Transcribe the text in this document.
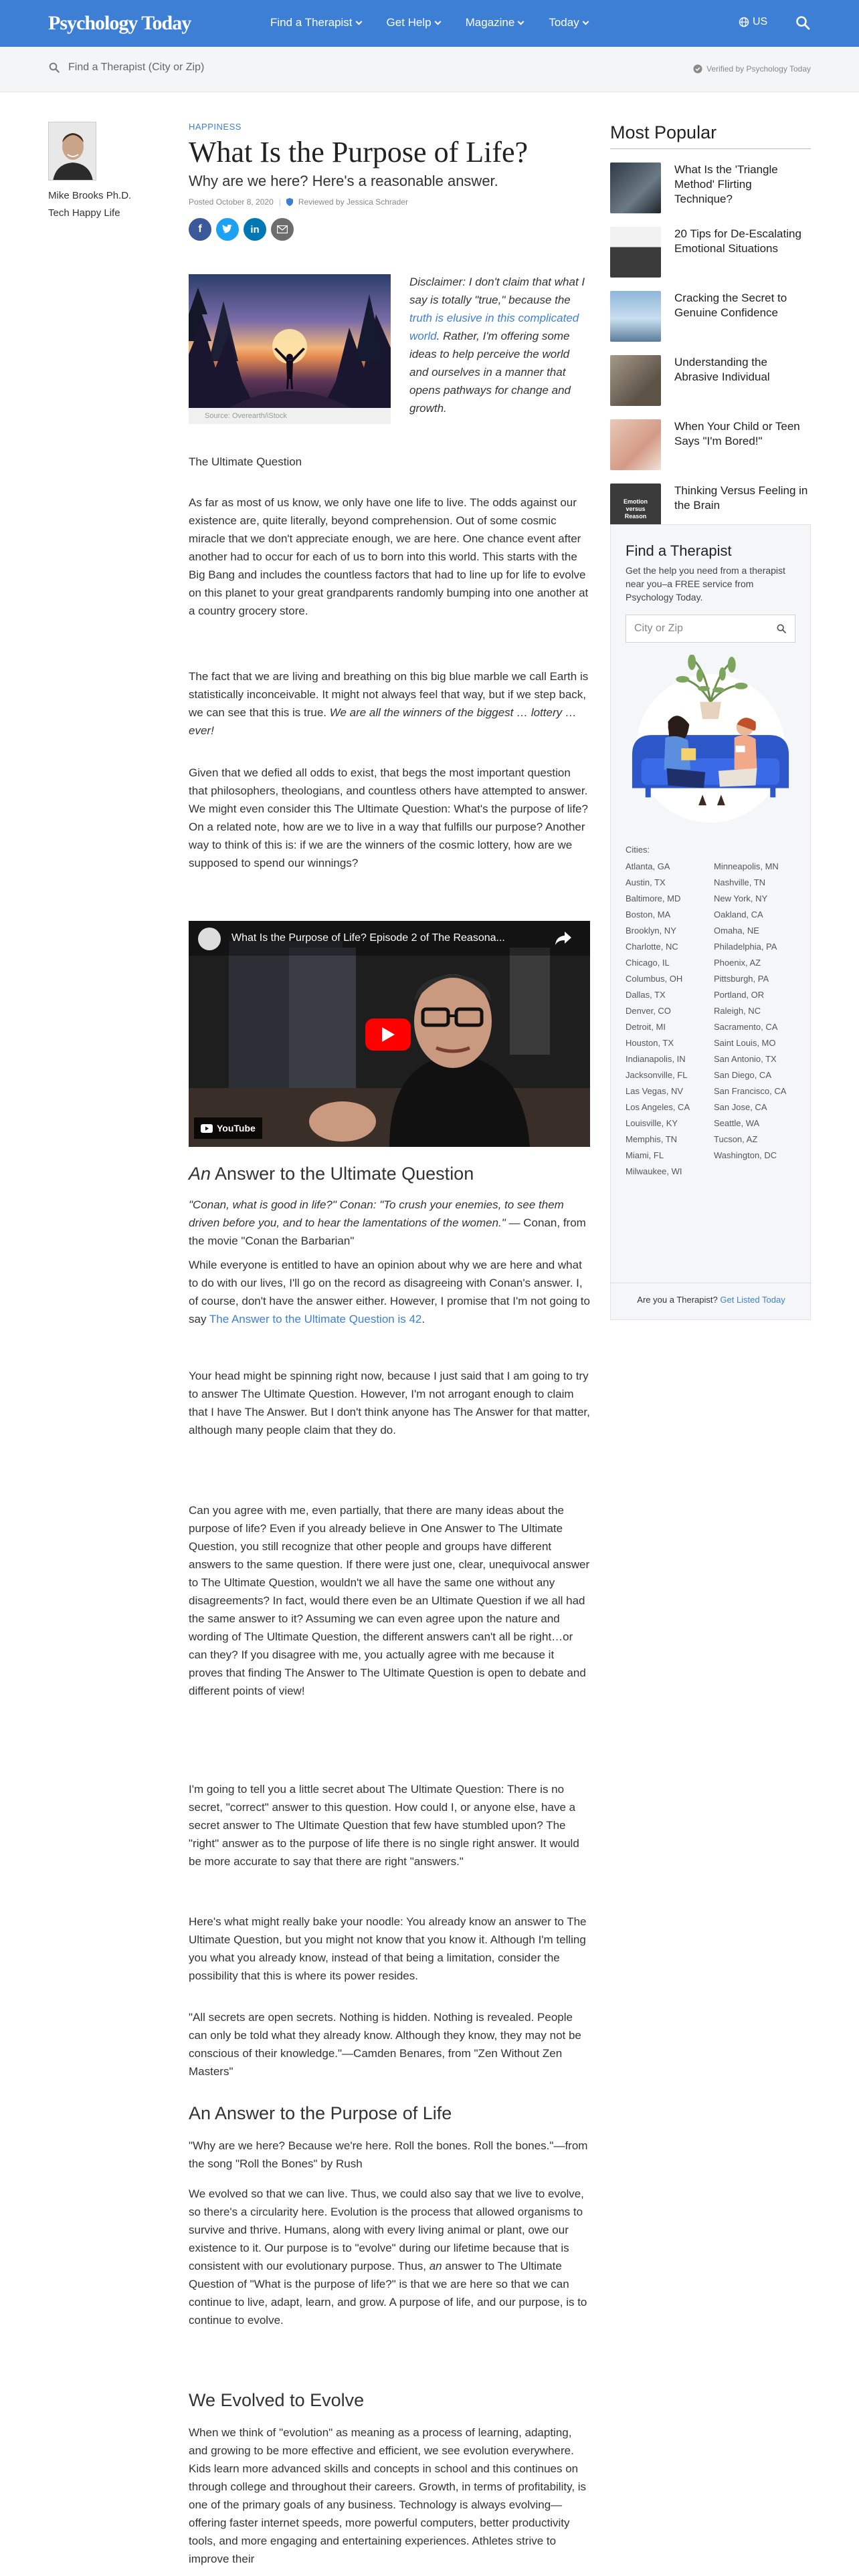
Psychology Today	Find a Therapist	Get Help	Magazine	Today	US
Find a Therapist (City or Zip)	Verified by Psychology Today
Mike Brooks Ph.D.
Tech Happy Life
HAPPINESS
What Is the Purpose of Life?
Why are we here? Here's a reasonable answer.
Posted October 8, 2020 | Reviewed by Jessica Schrader
f	in
Source: Overearth/iStock
Disclaimer: I don't claim that what I say is totally "true," because the truth is elusive in this complicated world. Rather, I'm offering some ideas to help perceive the world and ourselves in a manner that opens pathways for change and growth.
The Ultimate Question

As far as most of us know, we only have one life to live. The odds against our existence are, quite literally, beyond comprehension. Out of some cosmic miracle that we don't appreciate enough, we are here. One chance event after another had to occur for each of us to born into this world. This starts with the Big Bang and includes the countless factors that had to line up for life to evolve on this planet to your great grandparents randomly bumping into one another at a country grocery store.

The fact that we are living and breathing on this big blue marble we call Earth is statistically inconceivable. It might not always feel that way, but if we step back, we can see that this is true. We are all the winners of the biggest … lottery … ever!

Given that we defied all odds to exist, that begs the most important question that philosophers, theologians, and countless others have attempted to answer. We might even consider this The Ultimate Question: What's the purpose of life? On a related note, how are we to live in a way that fulfills our purpose? Another way to think of this is: if we are the winners of the cosmic lottery, how are we supposed to spend our winnings?

What Is the Purpose of Life? Episode 2 of The Reasona...
YouTube
An Answer to the Ultimate Question

"Conan, what is good in life?" Conan: "To crush your enemies, to see them driven before you, and to hear the lamentations of the women." — Conan, from the movie "Conan the Barbarian"

While everyone is entitled to have an opinion about why we are here and what to do with our lives, I'll go on the record as disagreeing with Conan's answer. I, of course, don't have the answer either. However, I promise that I'm not going to say The Answer to the Ultimate Question is 42.

Your head might be spinning right now, because I just said that I am going to try to answer The Ultimate Question. However, I'm not arrogant enough to claim that I have The Answer. But I don't think anyone has The Answer for that matter, although many people claim that they do.

Can you agree with me, even partially, that there are many ideas about the purpose of life? Even if you already believe in One Answer to The Ultimate Question, you still recognize that other people and groups have different answers to the same question. If there were just one, clear, unequivocal answer to The Ultimate Question, wouldn't we all have the same one without any disagreements? In fact, would there even be an Ultimate Question if we all had the same answer to it? Assuming we can even agree upon the nature and wording of The Ultimate Question, the different answers can't all be right…or can they? If you disagree with me, you actually agree with me because it proves that finding The Answer to The Ultimate Question is open to debate and different points of view!

I'm going to tell you a little secret about The Ultimate Question: There is no secret, "correct" answer to this question. How could I, or anyone else, have a secret answer to The Ultimate Question that few have stumbled upon? The "right" answer as to the purpose of life there is no single right answer. It would be more accurate to say that there are right "answers."

Here's what might really bake your noodle: You already know an answer to The Ultimate Question, but you might not know that you know it. Although I'm telling you what you already know, instead of that being a limitation, consider the possibility that this is where its power resides.

"All secrets are open secrets. Nothing is hidden. Nothing is revealed. People can only be told what they already know. Although they know, they may not be conscious of their knowledge."—Camden Benares, from "Zen Without Zen Masters"

An Answer to the Purpose of Life

"Why are we here? Because we're here. Roll the bones. Roll the bones."—from the song "Roll the Bones" by Rush

We evolved so that we can live. Thus, we could also say that we live to evolve, so there's a circularity here. Evolution is the process that allowed organisms to survive and thrive. Humans, along with every living animal or plant, owe our existence to it. Our purpose is to "evolve" during our lifetime because that is consistent with our evolutionary purpose. Thus, an answer to The Ultimate Question of "What is the purpose of life?" is that we are here so that we can continue to live, adapt, learn, and grow. A purpose of life, and our purpose, is to continue to evolve.

We Evolved to Evolve

When we think of "evolution" as meaning as a process of learning, adapting, and growing to be more effective and efficient, we see evolution everywhere. Kids learn more advanced skills and concepts in school and this continues on through college and throughout their careers. Growth, in terms of profitability, is one of the primary goals of any business. Technology is always evolving—offering faster internet speeds, more powerful computers, better productivity tools, and more engaging and entertaining experiences. Athletes strive to improve their

Most Popular
What Is the 'Triangle Method' Flirting Technique?
20 Tips for De-Escalating Emotional Situations
Cracking the Secret to Genuine Confidence
Understanding the Abrasive Individual
When Your Child or Teen Says "I'm Bored!"
Emotion versus Reason
Thinking Versus Feeling in the Brain
Find a Therapist
Get the help you need from a therapist near you–a FREE service from Psychology Today.
City or Zip
Cities:
Atlanta, GA	Minneapolis, MN
Austin, TX	Nashville, TN
Baltimore, MD	New York, NY
Boston, MA	Oakland, CA
Brooklyn, NY	Omaha, NE
Charlotte, NC	Philadelphia, PA
Chicago, IL	Phoenix, AZ
Columbus, OH	Pittsburgh, PA
Dallas, TX	Portland, OR
Denver, CO	Raleigh, NC
Detroit, MI	Sacramento, CA
Houston, TX	Saint Louis, MO
Indianapolis, IN	San Antonio, TX
Jacksonville, FL	San Diego, CA
Las Vegas, NV	San Francisco, CA
Los Angeles, CA	San Jose, CA
Louisville, KY	Seattle, WA
Memphis, TN	Tucson, AZ
Miami, FL	Washington, DC
Milwaukee, WI
Are you a Therapist? Get Listed Today
